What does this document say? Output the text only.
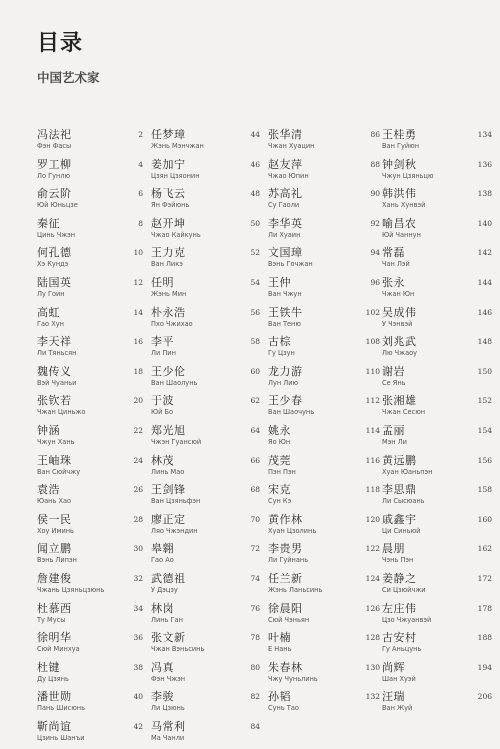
目录
中国艺术家
冯法祀	2
Фэн Фасы
罗工柳	4
Ло Гунлю
俞云阶	6
Юй Юньцзе
秦征	8
Цинь Чжэн
何孔德	10
Хэ Кундэ
陆国英	12
Лу Гоин
高虹	14
Гао Хун
李天祥	16
Ли Тяньсян
魏传义	18
Вэй Чуаньи
张钦若	20
Чжан Циньжо
钟涵	22
Чжун Хань
王岫珠	24
Ван Сюйчжу
袁浩	26
Юань Хао
侯一民	28
Хоу Иминь
闻立鹏	30
Вэнь Липэн
詹建俊	32
Чжань Цзяньцзюнь
杜慕西	34
Ту Мусы
徐明华	36
Сюй Минхуа
杜键	38
Ду Цзянь
潘世勋	40
Пань Шисюнь
靳尚谊	42
Цзинь Шанъи
任梦璋	44
Жэнь Мэнчжан
姜加宁	46
Цзян Цзяонин
杨飞云	48
Ян Фэйюнь
赵开坤	50
Чжао Кайкунь
王力克	52
Ван Ликэ
任明	54
Жэнь Мин
朴永浩	56
Пхо Чжихао
李平	58
Ли Пин
王少伦	60
Ван Шаолунь
于波	62
Юй Бо
郑光旭	64
Чжэн Гуансюй
林茂	66
Линь Мао
王剑锋	68
Ван Цзяньфэн
廖正定	70
Ляо Чжэндин
皋翱	72
Гао Ао
武德祖	74
У Дэцзу
林岗	76
Линь Ган
张文新	78
Чжан Вэньсинь
冯真	80
Фэн Чжэн
李骏	82
Ли Цзюнь
马常利	84
Ма Чанли
张华清	86
Чжан Хуацин
赵友萍	88
Чжао Юпин
苏高礼	90
Су Гаоли
李华英	92
Ли Хуаин
文国璋	94
Вэнь Гочжан
王仲	96
Ван Чжун
王铁牛	102
Ван Теню
古棕	108
Гу Цзун
龙力游	110
Лун Лию
王少春	112
Ван Шаочунь
姚永	114
Яо Юн
茂莞	116
Пэн Пэн
宋克	118
Сун Кэ
黄作林	120
Хуан Цзолинь
李贵男	122
Ли Гуйнань
任兰新	124
Жэнь Ланьсинь
徐晨阳	126
Сюй Чэньян
叶楠	128
Е Нань
朱春林	130
Чжу Чуньлинь
孙韬	132
Сунь Тао
王桂勇	134
Ван Гуйюн
钟剑秋	136
Чжун Цзяньцю
韩洪伟	138
Хань Хунвэй
喻昌农	140
Юй Чаннун
常磊	142
Чан Лэй
张永	144
Чжан Юн
吴成伟	146
У Чэнвэй
刘兆武	148
Лю Чжаоу
谢岩	150
Се Янь
张湘雄	152
Чжан Сесюн
孟丽	154
Мэн Ли
黄远鹏	156
Хуан Юаньпэн
李思鼎	158
Ли Сысюань
戚鑫宇	160
Ци Синьюй
晨朋	162
Чэнь Пэн
姜静之	172
Си Цзюйчжи
左庄伟	178
Цзо Чжуанвэй
古安村	188
Гу Аньцунь
尚辉	194
Шан Хуэй
汪瑞	206
Ван Жуй
